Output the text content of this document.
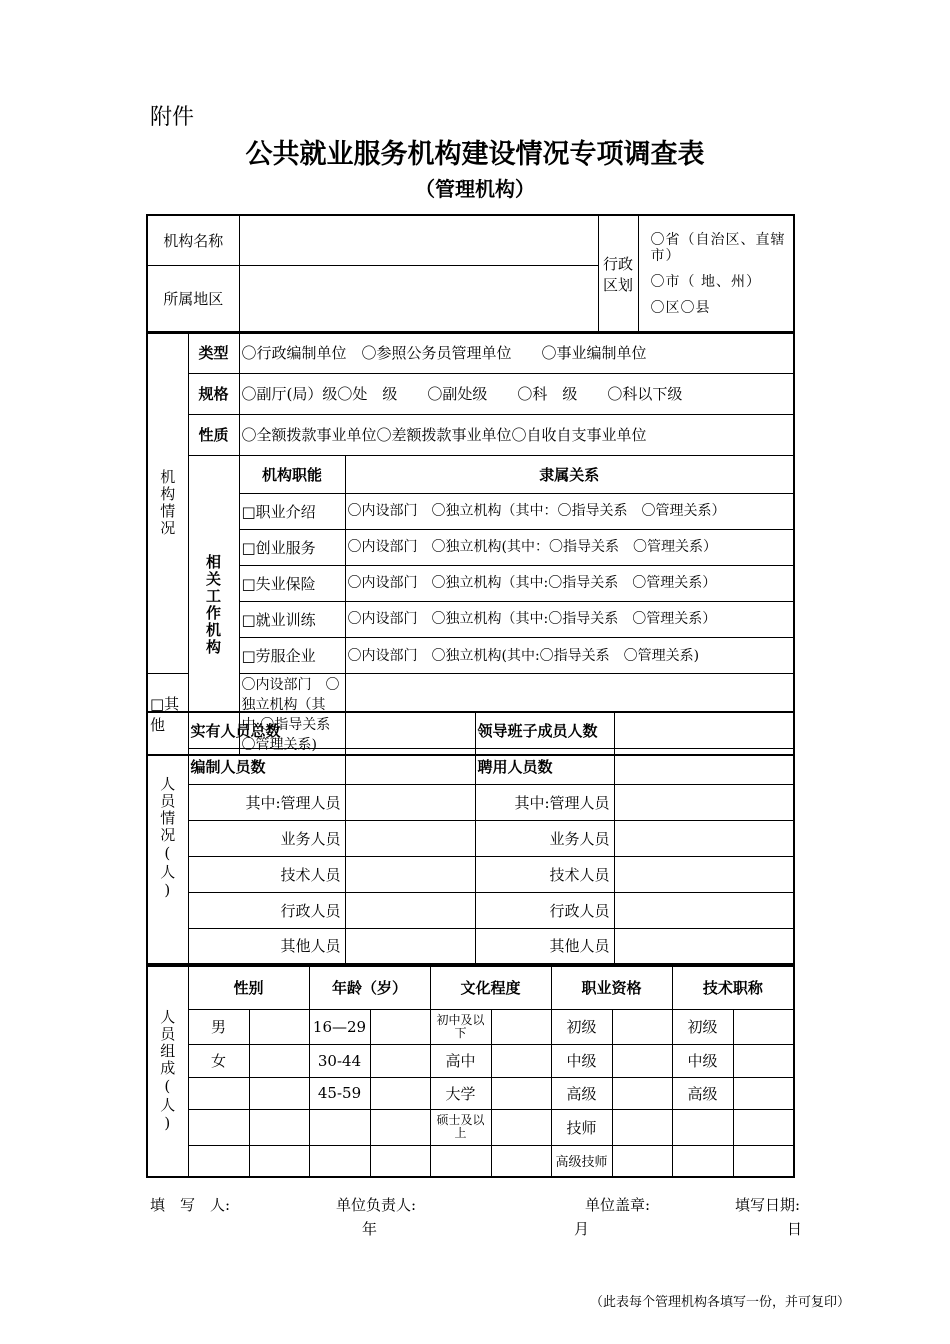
附件
公共就业服务机构建设情况专项调查表
（管理机构）
机构名称		行政区划	〇省（自治区、直辖市）
〇市（ 地、州）
〇区〇县

所属地区			
机构情况	类型	〇行政编制单位　〇参照公务员管理单位　　〇事业编制单位	
	规格	〇副厅(局）级〇处　级　　〇副处级　　〇科　级　　〇科以下级	
	性质	〇全额拨款事业单位〇差额拨款事业单位〇自收自支事业单位	

	相关工作机构	机构职能	隶属关系
		□职业介绍	〇内设部门　〇独立机构（其中：〇指导关系　〇管理关系）
		□创业服务	〇内设部门　〇独立机构(其中：〇指导关系　〇管理关系）
		□失业保险	〇内设部门　〇独立机构（其中:〇指导关系　〇管理关系）
		□就业训练	〇内设部门　〇独立机构（其中:〇指导关系　〇管理关系）
		□劳服企业	〇内设部门　〇独立机构(其中:〇指导关系　〇管理关系)
□其他		〇内设部门　〇独立机构（其中:〇指导关系　〇管理关系)	
人员情况(人)	实有人员总数		领导班子成员人数	
	编制人员数		聘用人员数	
	其中:管理人员		其中:管理人员	
	业务人员		业务人员	
	技术人员		技术人员	
	行政人员		行政人员	
	其他人员		其他人员	
人员组成(人)	性别		年龄（岁）		文化程度		职业资格		技术职称	
	男		16—29		初中及以下		初级		初级	
	女		30-44		高中		中级		中级	
			45-59		大学		高级		高级	
					硕士及以上		技师			
							高级技师			
填　写　人:	单位负责人:	单位盖章:	填写日期:
年	月	日
（此表每个管理机构各填写一份，并可复印）
